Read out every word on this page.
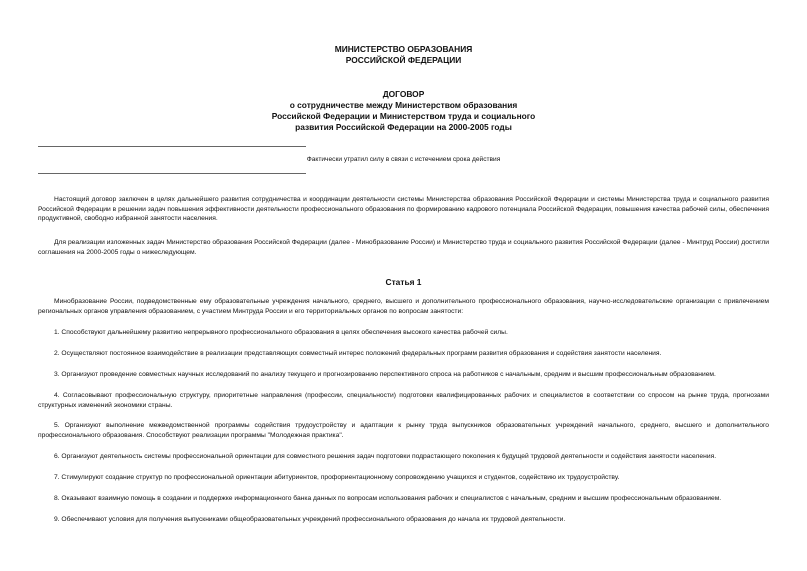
МИНИСТЕРСТВО ОБРАЗОВАНИЯ
РОССИЙСКОЙ ФЕДЕРАЦИИ
ДОГОВОР
о сотрудничестве между Министерством образования
Российской Федерации и Министерством труда и социального
развития Российской Федерации на 2000-2005 годы
Фактически утратил силу в связи с истечением срока действия

Настоящий договор заключен в целях дальнейшего развития сотрудничества и координации деятельности системы Министерства образования Российской Федерации и системы Министерства труда и социального развития Российской Федерации в решении задач повышения эффективности деятельности профессионального образования по формированию кадрового потенциала Российской Федерации, повышения качества рабочей силы, обеспечения продуктивной, свободно избранной занятости населения.

Для реализации изложенных задач Министерство образования Российской Федерации (далее - Минобразование России) и Министерство труда и социального развития Российской Федерации (далее - Минтруд России) достигли соглашения на 2000-2005 годы о нижеследующем.

Статья 1

Минобразование России, подведомственные ему образовательные учреждения начального, среднего, высшего и дополнительного профессионального образования, научно-исследовательские организации с привлечением региональных органов управления образованием, с участием Минтруда России и его территориальных органов по вопросам занятости:

1. Способствуют дальнейшему развитию непрерывного профессионального образования в целях обеспечения высокого качества рабочей силы.

2. Осуществляют постоянное взаимодействие в реализации представляющих совместный интерес положений федеральных программ развития образования и содействия занятости населения.

3. Организуют проведение совместных научных исследований по анализу текущего и прогнозированию перспективного спроса на работников с начальным, средним и высшим профессиональным образованием.

4. Согласовывают профессиональную структуру, приоритетные направления (профессии, специальности) подготовки квалифицированных рабочих и специалистов в соответствии со спросом на рынке труда, прогнозами структурных изменений экономики страны.

5. Организуют выполнение межведомственной программы содействия трудоустройству и адаптации к рынку труда выпускников образовательных учреждений начального, среднего, высшего и дополнительного профессионального образования. Способствуют реализации программы "Молодежная практика".

6. Организуют деятельность системы профессиональной ориентации для совместного решения задач подготовки подрастающего поколения к будущей трудовой деятельности и содействия занятости населения.

7. Стимулируют создание структур по профессиональной ориентации абитуриентов, профориентационному сопровождению учащихся и студентов, содействию их трудоустройству.

8. Оказывают взаимную помощь в создании и поддержке информационного банка данных по вопросам использования рабочих и специалистов с начальным, средним и высшим профессиональным образованием.

9. Обеспечивают условия для получения выпускниками общеобразовательных учреждений профессионального образования до начала их трудовой деятельности.
